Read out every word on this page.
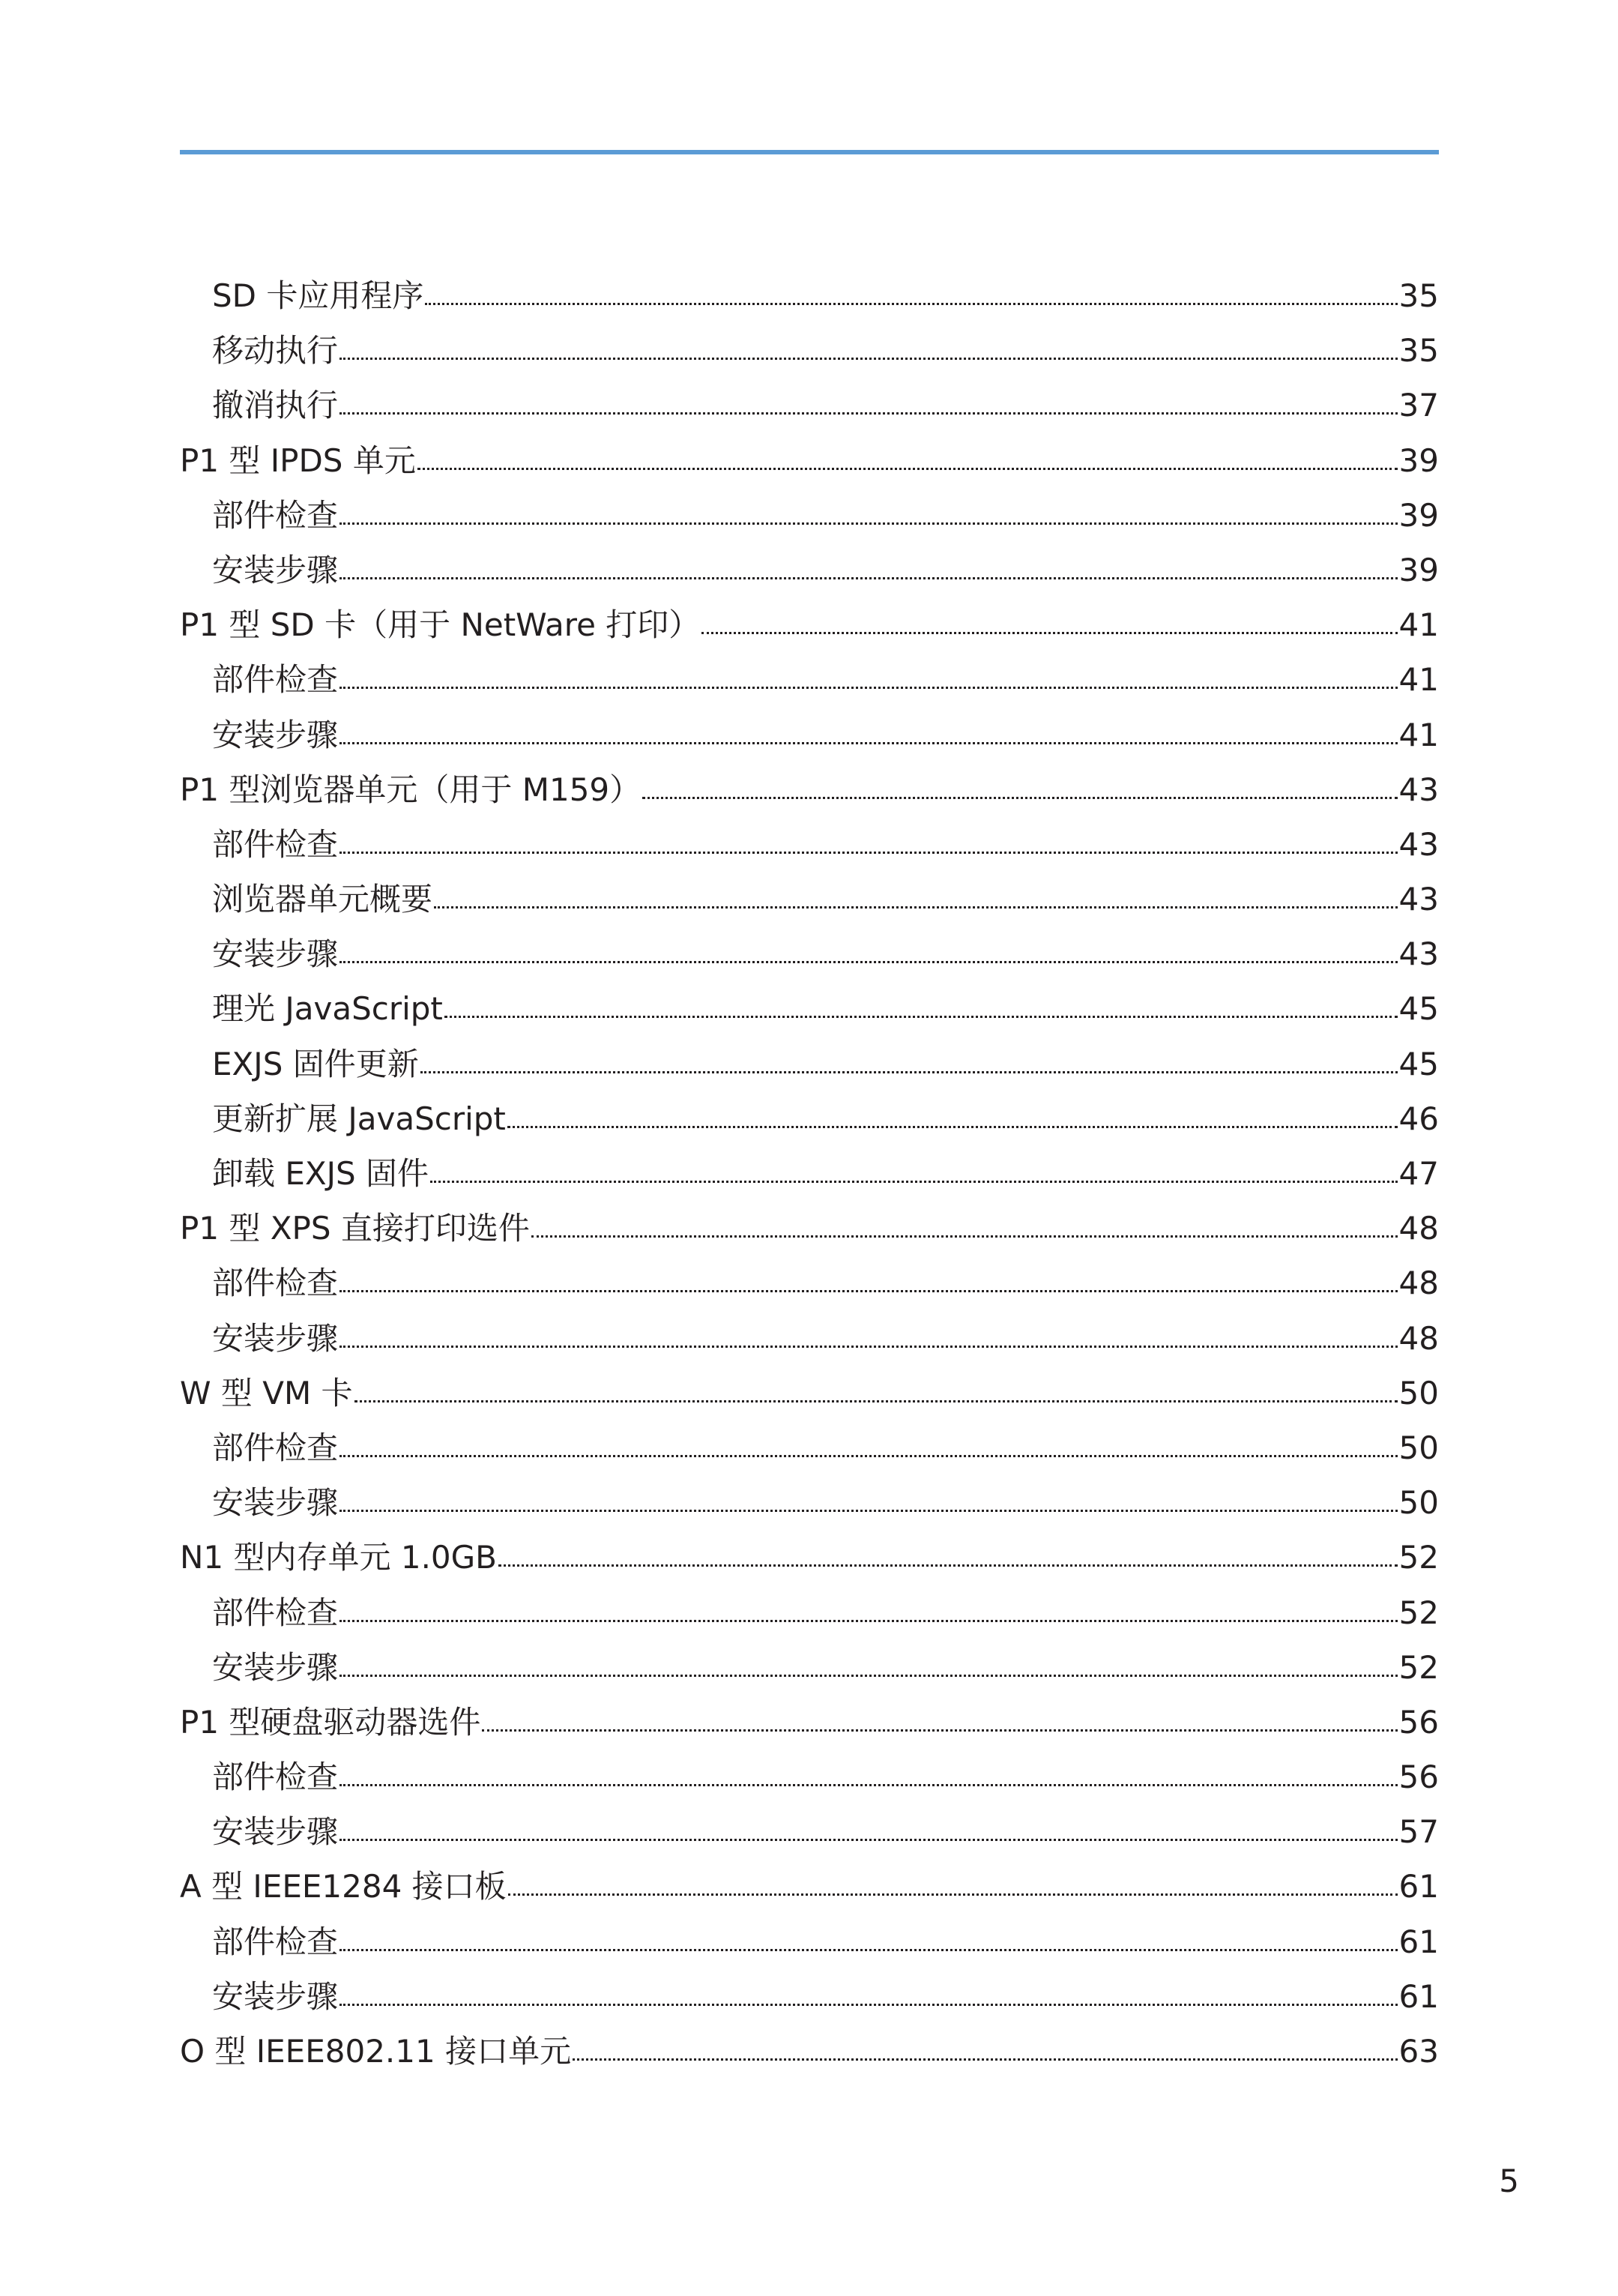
SD 卡应用程序	35
移动执行	35
撤消执行	37
P1 型 IPDS 单元	39
部件检查	39
安装步骤	39
P1 型 SD 卡（用于 NetWare 打印）	41
部件检查	41
安装步骤	41
P1 型浏览器单元（用于 M159）	43
部件检查	43
浏览器单元概要	43
安装步骤	43
理光 JavaScript	45
EXJS 固件更新	45
更新扩展 JavaScript	46
卸载 EXJS 固件	47
P1 型 XPS 直接打印选件	48
部件检查	48
安装步骤	48
W 型 VM 卡	50
部件检查	50
安装步骤	50
N1 型内存单元 1.0GB	52
部件检查	52
安装步骤	52
P1 型硬盘驱动器选件	56
部件检查	56
安装步骤	57
A 型 IEEE1284 接口板	61
部件检查	61
安装步骤	61
O 型 IEEE802.11 接口单元	63
5
